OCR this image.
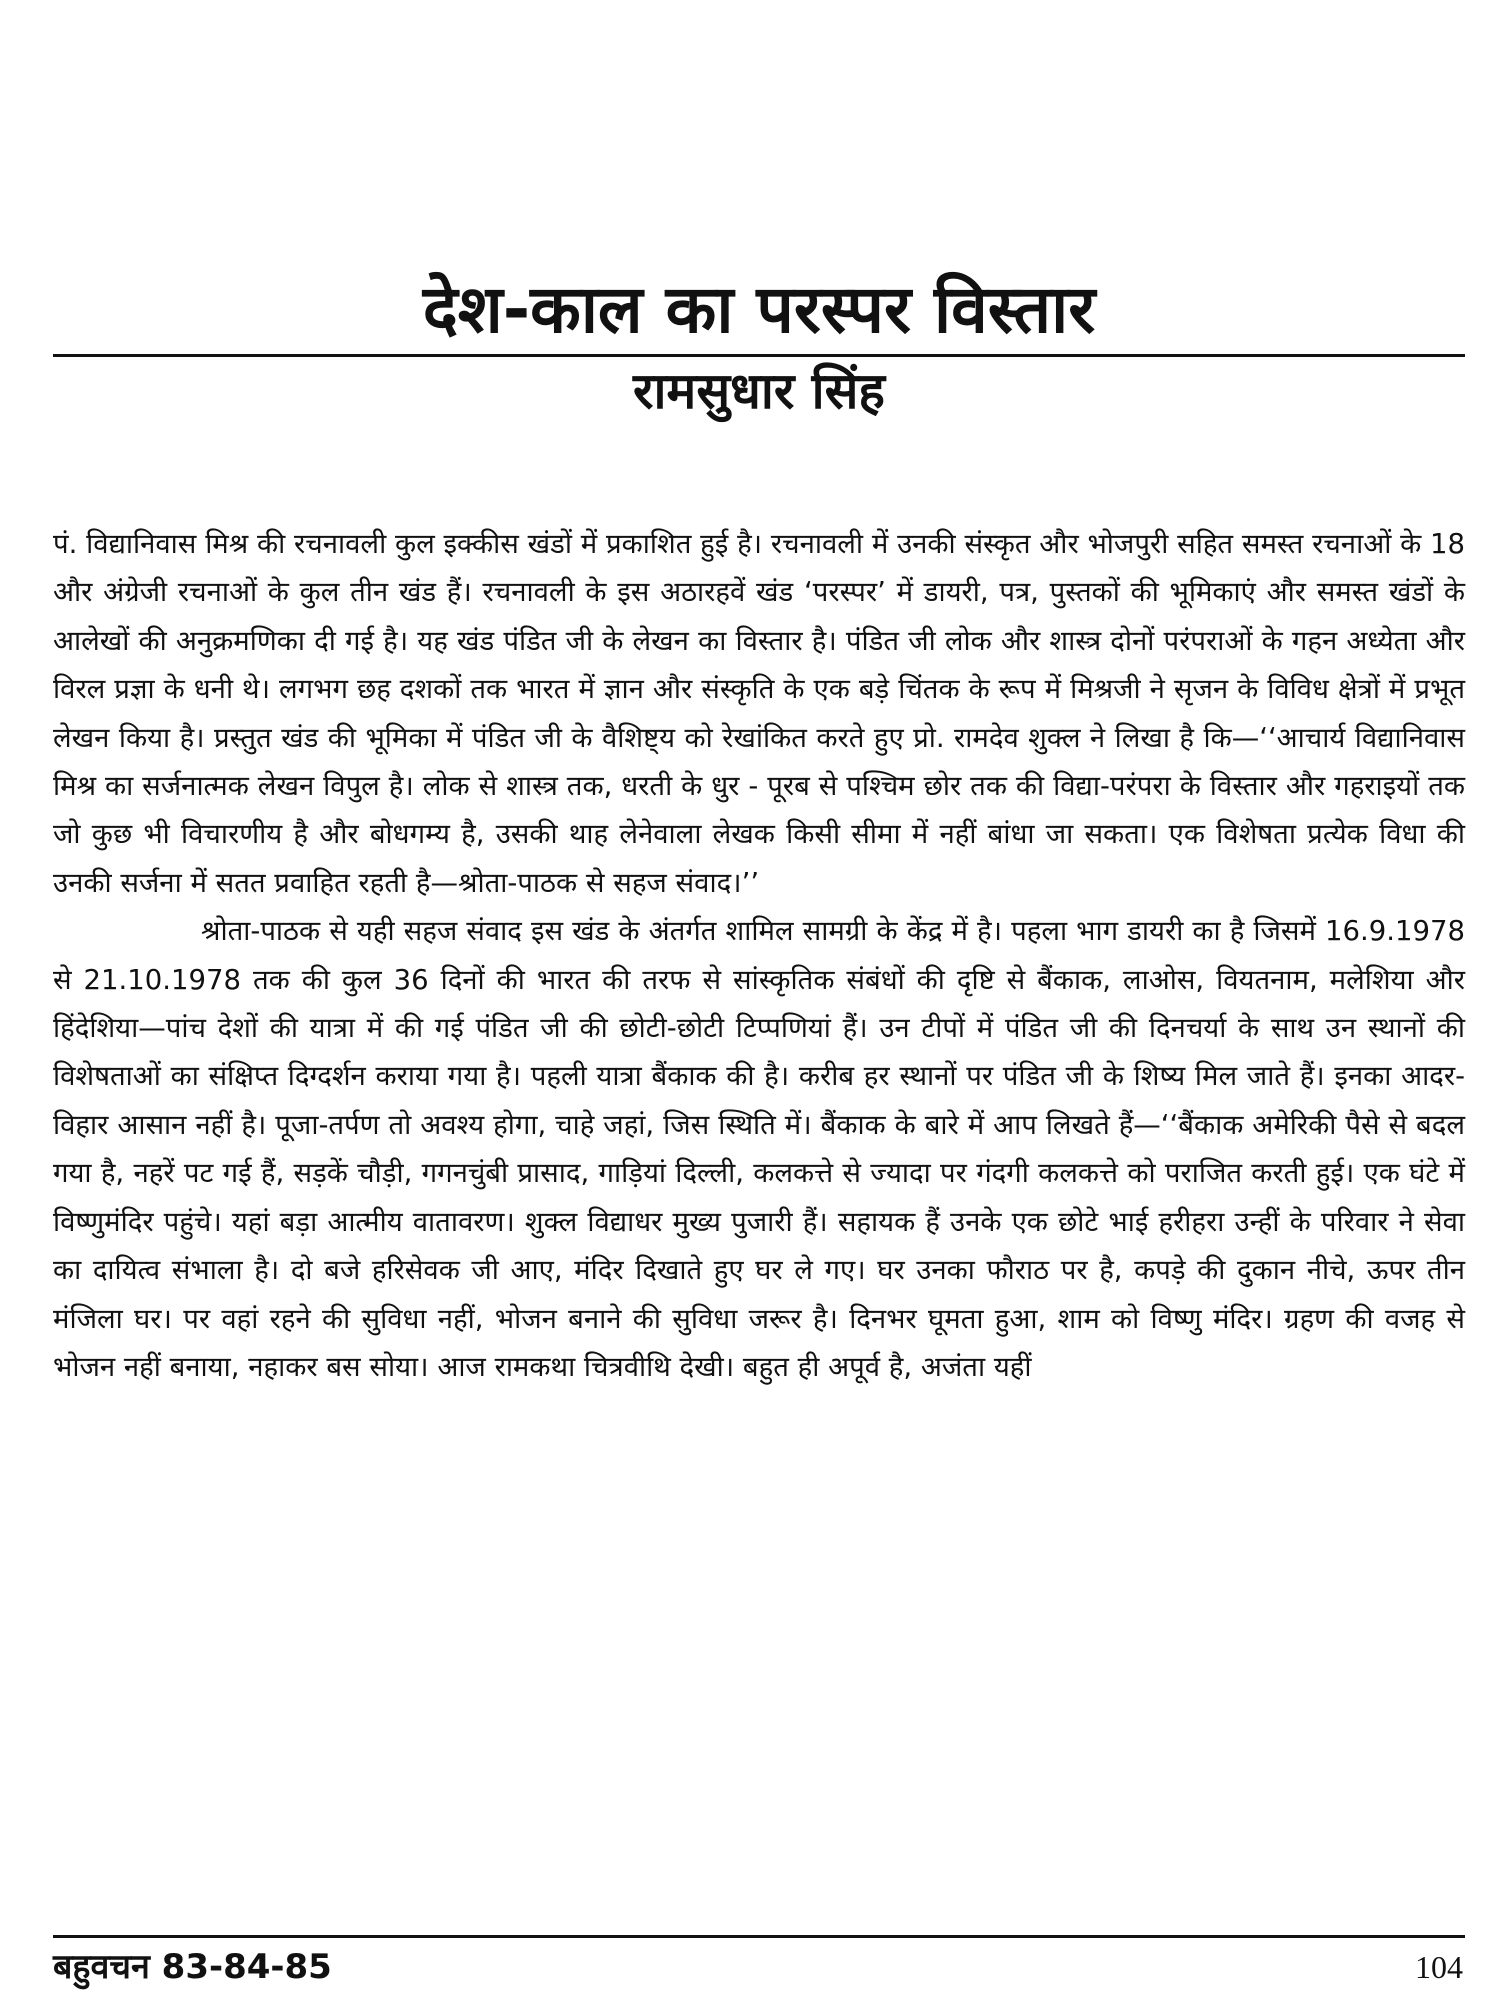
देश-काल का परस्पर विस्तार
रामसुधार सिंह

पं. विद्यानिवास मिश्र की रचनावली कुल इक्कीस खंडों में प्रकाशित हुई है। रचनावली में उनकी संस्कृत और भोजपुरी सहित समस्त रचनाओं के 18 और अंग्रेजी रचनाओं के कुल तीन खंड हैं। रचनावली के इस अठारहवें खंड ‘परस्पर’ में डायरी, पत्र, पुस्तकों की भूमिकाएं और समस्त खंडों के आलेखों की अनुक्रमणिका दी गई है। यह खंड पंडित जी के लेखन का विस्तार है। पंडित जी लोक और शास्त्र दोनों परंपराओं के गहन अध्येता और विरल प्रज्ञा के धनी थे। लगभग छह दशकों तक भारत में ज्ञान और संस्कृति के एक बड़े चिंतक के रूप में मिश्रजी ने सृजन के विविध क्षेत्रों में प्रभूत लेखन किया है। प्रस्तुत खंड की भूमिका में पंडित जी के वैशिष्ट्य को रेखांकित करते हुए प्रो. रामदेव शुक्ल ने लिखा है कि—‘‘आचार्य विद्यानिवास मिश्र का सर्जनात्मक लेखन विपुल है। लोक से शास्त्र तक, धरती के धुर - पूरब से पश्चिम छोर तक की विद्या-परंपरा के विस्तार और गहराइयों तक जो कुछ भी विचारणीय है और बोधगम्य है, उसकी थाह लेनेवाला लेखक किसी सीमा में नहीं बांधा जा सकता। एक विशेषता प्रत्येक विधा की उनकी सर्जना में सतत प्रवाहित रहती है—श्रोता-पाठक से सहज संवाद।’’

श्रोता-पाठक से यही सहज संवाद इस खंड के अंतर्गत शामिल सामग्री के केंद्र में है। पहला भाग डायरी का है जिसमें 16.9.1978 से 21.10.1978 तक की कुल 36 दिनों की भारत की तरफ से सांस्कृतिक संबंधों की दृष्टि से बैंकाक, लाओस, वियतनाम, मलेशिया और हिंदेशिया—पांच देशों की यात्रा में की गई पंडित जी की छोटी-छोटी टिप्पणियां हैं। उन टीपों में पंडित जी की दिनचर्या के साथ उन स्थानों की विशेषताओं का संक्षिप्त दिग्दर्शन कराया गया है। पहली यात्रा बैंकाक की है। करीब हर स्थानों पर पंडित जी के शिष्य मिल जाते हैं। इनका आदर-विहार आसान नहीं है। पूजा-तर्पण तो अवश्य होगा, चाहे जहां, जिस स्थिति में। बैंकाक के बारे में आप लिखते हैं—‘‘बैंकाक अमेरिकी पैसे से बदल गया है, नहरें पट गई हैं, सड़कें चौड़ी, गगनचुंबी प्रासाद, गाड़ियां दिल्ली, कलकत्ते से ज्यादा पर गंदगी कलकत्ते को पराजित करती हुई। एक घंटे में विष्णुमंदिर पहुंचे। यहां बड़ा आत्मीय वातावरण। शुक्ल विद्याधर मुख्य पुजारी हैं। सहायक हैं उनके एक छोटे भाई हरीहरा उन्हीं के परिवार ने सेवा का दायित्व संभाला है। दो बजे हरिसेवक जी आए, मंदिर दिखाते हुए घर ले गए। घर उनका फौराठ पर है, कपड़े की दुकान नीचे, ऊपर तीन मंजिला घर। पर वहां रहने की सुविधा नहीं, भोजन बनाने की सुविधा जरूर है। दिनभर घूमता हुआ, शाम को विष्णु मंदिर। ग्रहण की वजह से भोजन नहीं बनाया, नहाकर बस सोया। आज रामकथा चित्रवीथि देखी। बहुत ही अपूर्व है, अजंता यहीं

बहुवचन 83-84-85	104
